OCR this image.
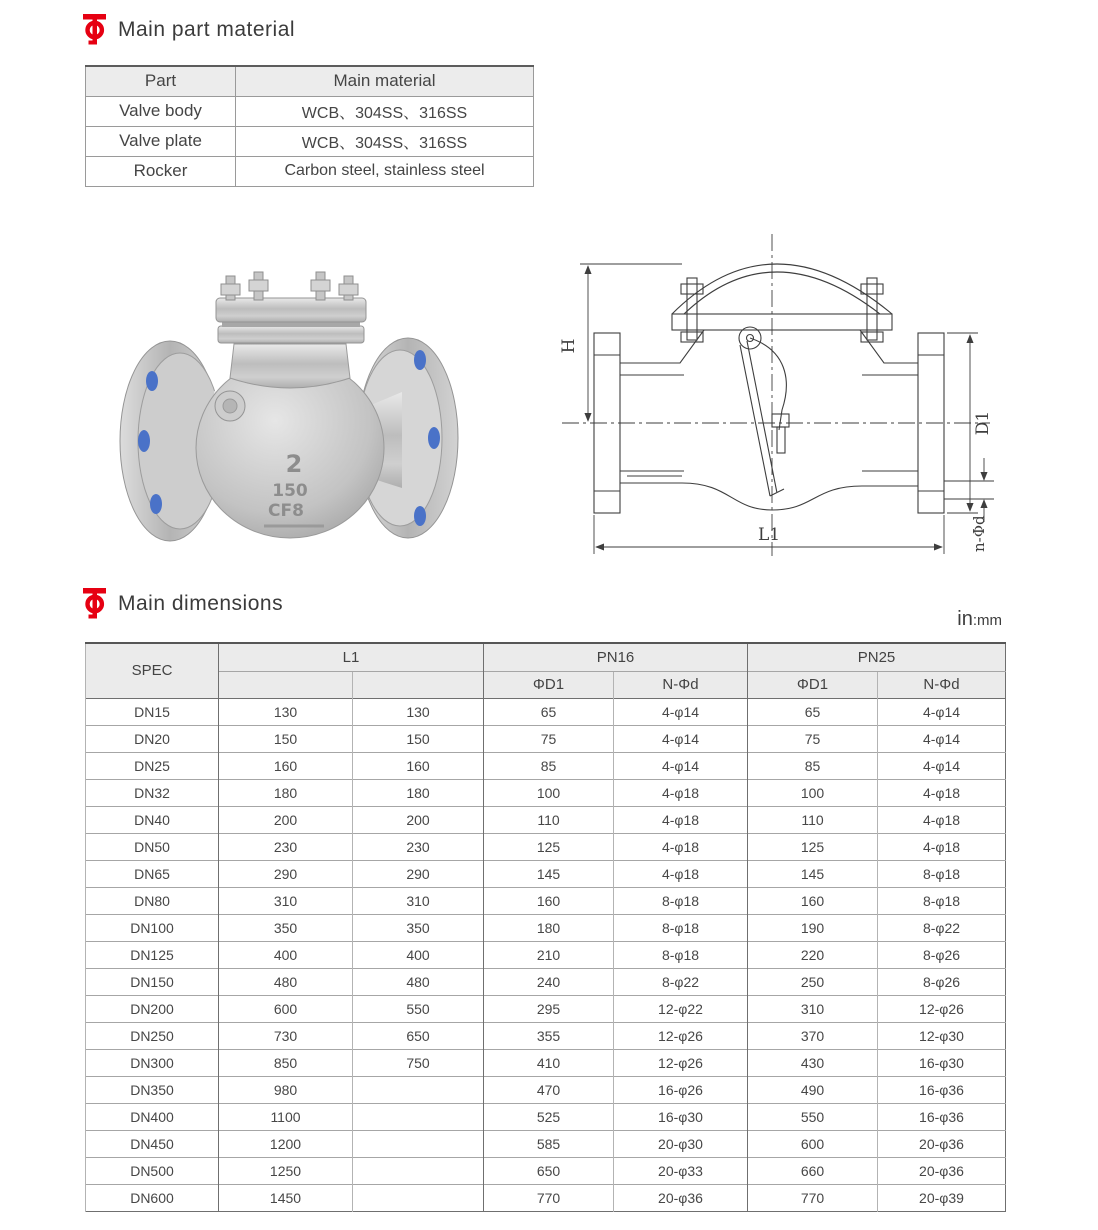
Main part material
Part	Main material
Valve body	WCB、304SS、316SS
Valve plate	WCB、304SS、316SS
Rocker	Carbon steel, stainless steel
2
150
CF8
H
D1
L1	n-Φd
Main dimensions
in:mm
SPEC	L1		PN16		PN25	
			ΦD1	N-Φd	ΦD1	N-Φd
DN15	130	130	65	4-φ14	65	4-φ14
DN20	150	150	75	4-φ14	75	4-φ14
DN25	160	160	85	4-φ14	85	4-φ14
DN32	180	180	100	4-φ18	100	4-φ18
DN40	200	200	110	4-φ18	110	4-φ18
DN50	230	230	125	4-φ18	125	4-φ18
DN65	290	290	145	4-φ18	145	8-φ18
DN80	310	310	160	8-φ18	160	8-φ18
DN100	350	350	180	8-φ18	190	8-φ22
DN125	400	400	210	8-φ18	220	8-φ26
DN150	480	480	240	8-φ22	250	8-φ26
DN200	600	550	295	12-φ22	310	12-φ26
DN250	730	650	355	12-φ26	370	12-φ30
DN300	850	750	410	12-φ26	430	16-φ30
DN350	980		470	16-φ26	490	16-φ36
DN400	1100		525	16-φ30	550	16-φ36
DN450	1200		585	20-φ30	600	20-φ36
DN500	1250		650	20-φ33	660	20-φ36
DN600	1450		770	20-φ36	770	20-φ39
